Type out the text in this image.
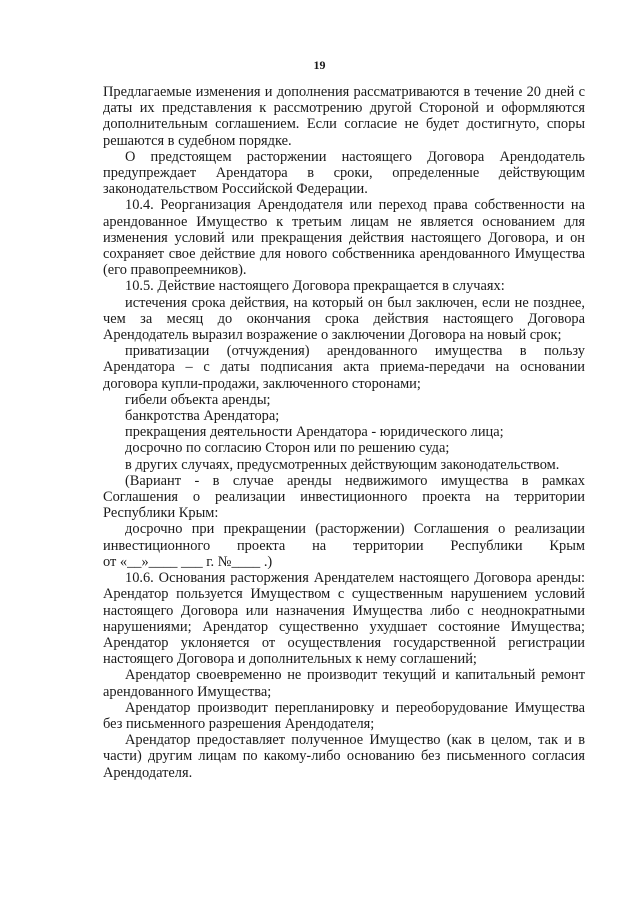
19

Предлагаемые изменения и дополнения рассматриваются в течение 20 дней с даты их представления к рассмотрению другой Стороной и оформляются дополнительным соглашением. Если согласие не будет достигнуто, споры решаются в судебном порядке.

О предстоящем расторжении настоящего Договора Арендодатель предупреждает Арендатора в сроки, определенные действующим законодательством Российской Федерации.

10.4. Реорганизация Арендодателя или переход права собственности на арендованное Имущество к третьим лицам не является основанием для изменения условий или прекращения действия настоящего Договора, и он сохраняет свое действие для нового собственника арендованного Имущества (его правопреемников).

10.5. Действие настоящего Договора прекращается в случаях:

истечения срока действия, на который он был заключен, если не позднее, чем за месяц до окончания срока действия настоящего Договора Арендодатель выразил возражение о заключении Договора на новый срок;

приватизации (отчуждения) арендованного имущества в пользу Арендатора – с даты подписания акта приема-передачи на основании договора купли-продажи, заключенного сторонами;

гибели объекта аренды;

банкротства Арендатора;

прекращения деятельности Арендатора - юридического лица;

досрочно по согласию Сторон или по решению суда;

в других случаях, предусмотренных действующим законодательством.

(Вариант - в случае аренды недвижимого имущества в рамках Соглашения о реализации инвестиционного проекта на территории Республики Крым:

досрочно при прекращении (расторжении) Соглашения о реализации инвестиционного проекта на территории Республики Крым

от «__»____ ___ г. №____ .)

10.6. Основания расторжения Арендателем настоящего Договора аренды: Арендатор пользуется Имуществом с существенным нарушением условий настоящего Договора или назначения Имущества либо с неоднократными нарушениями; Арендатор существенно ухудшает состояние Имущества; Арендатор уклоняется от осуществления государственной регистрации настоящего Договора и дополнительных к нему соглашений;

Арендатор своевременно не производит текущий и капитальный ремонт арендованного Имущества;

Арендатор производит перепланировку и переоборудование Имущества без письменного разрешения Арендодателя;

Арендатор предоставляет полученное Имущество (как в целом, так и в части) другим лицам по какому-либо основанию без письменного согласия Арендодателя.
